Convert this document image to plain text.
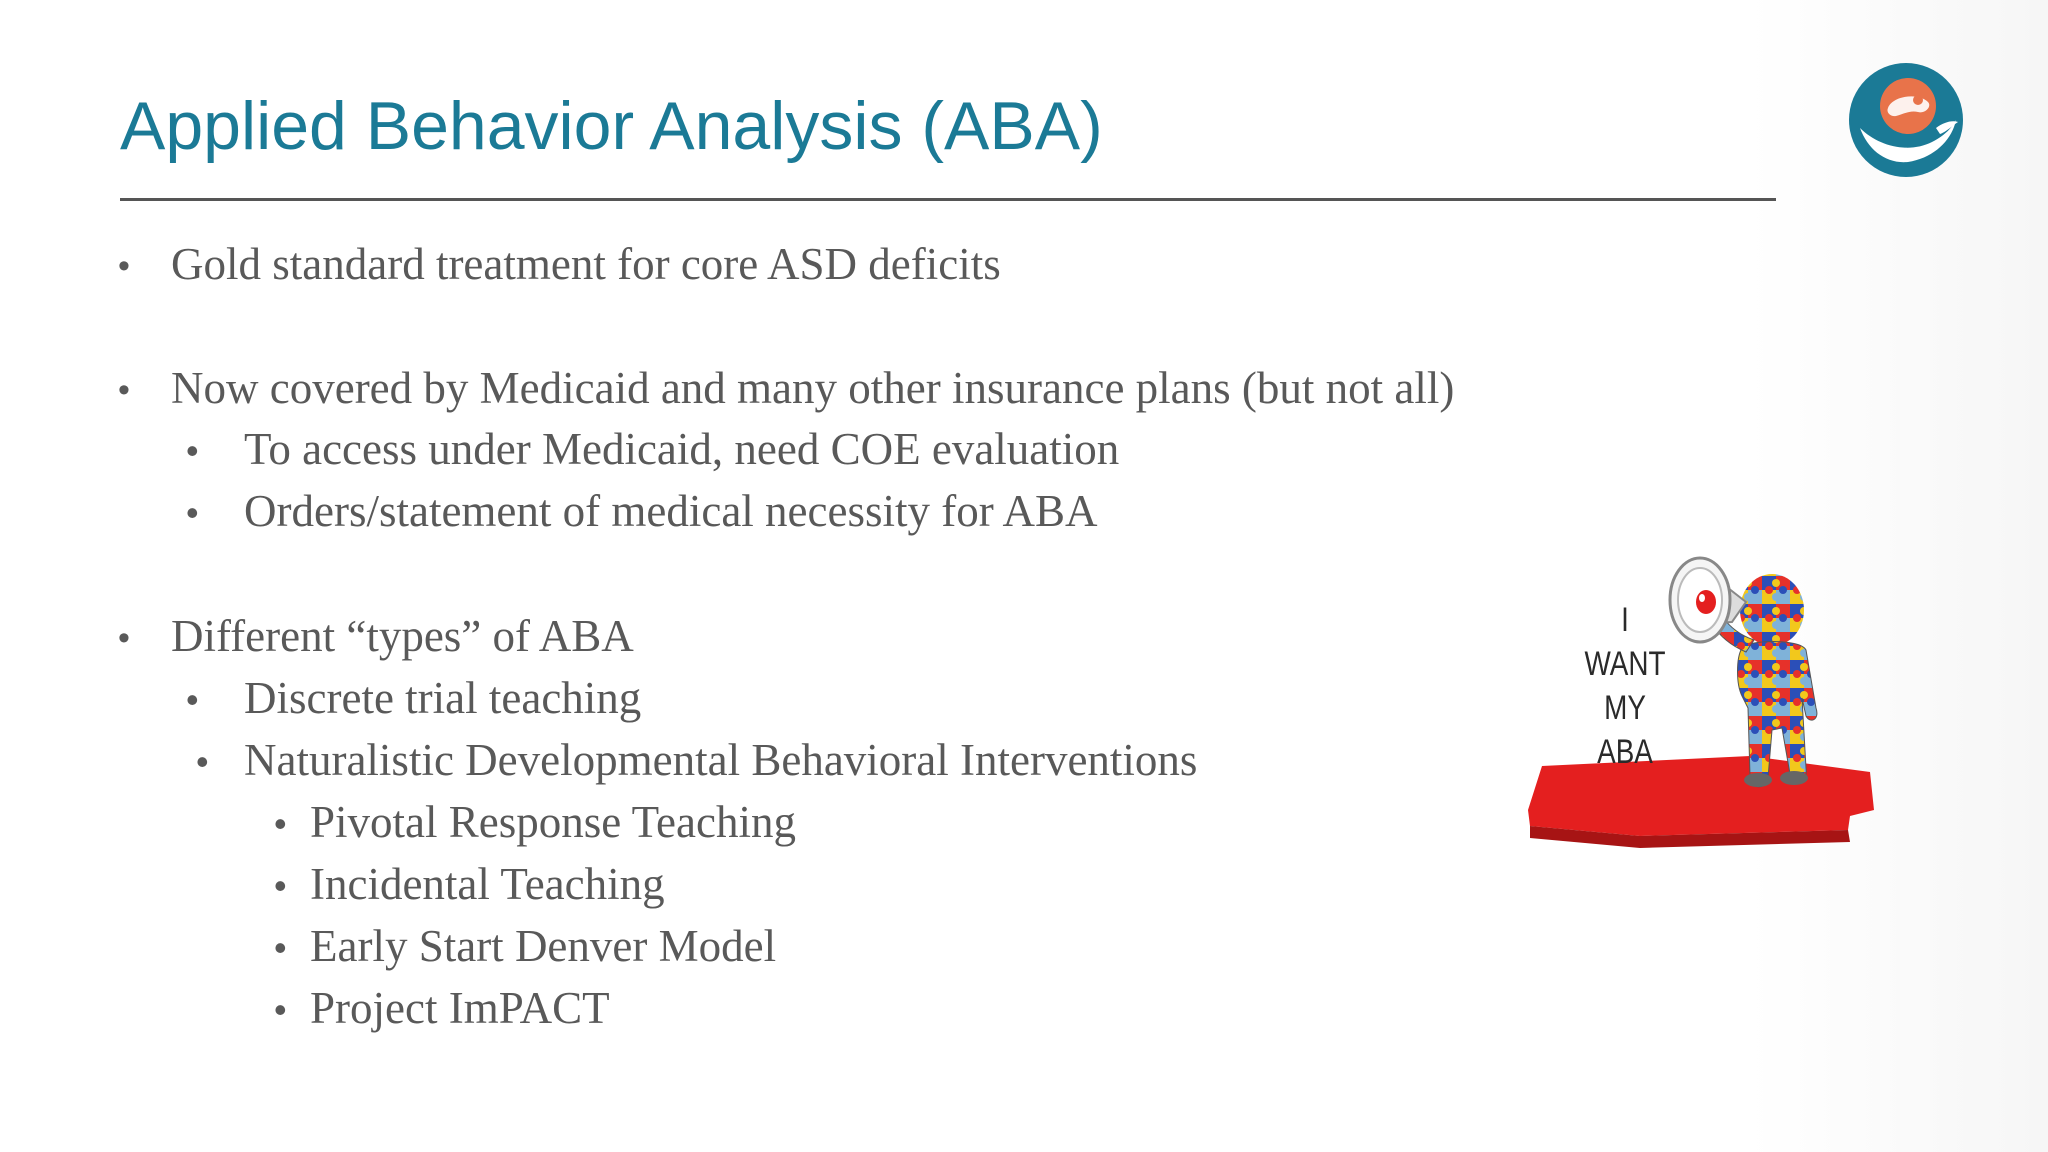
Applied Behavior Analysis (ABA)
• Gold standard treatment for core ASD deficits
• Now covered by Medicaid and many other insurance plans (but not all)
• To access under Medicaid, need COE evaluation
• Orders/statement of medical necessity for ABA
• Different “types” of ABA
• Discrete trial teaching
• Naturalistic Developmental Behavioral Interventions
• Pivotal Response Teaching
• Incidental Teaching
• Early Start Denver Model
• Project ImPACT
I
WANT
MY
ABA
